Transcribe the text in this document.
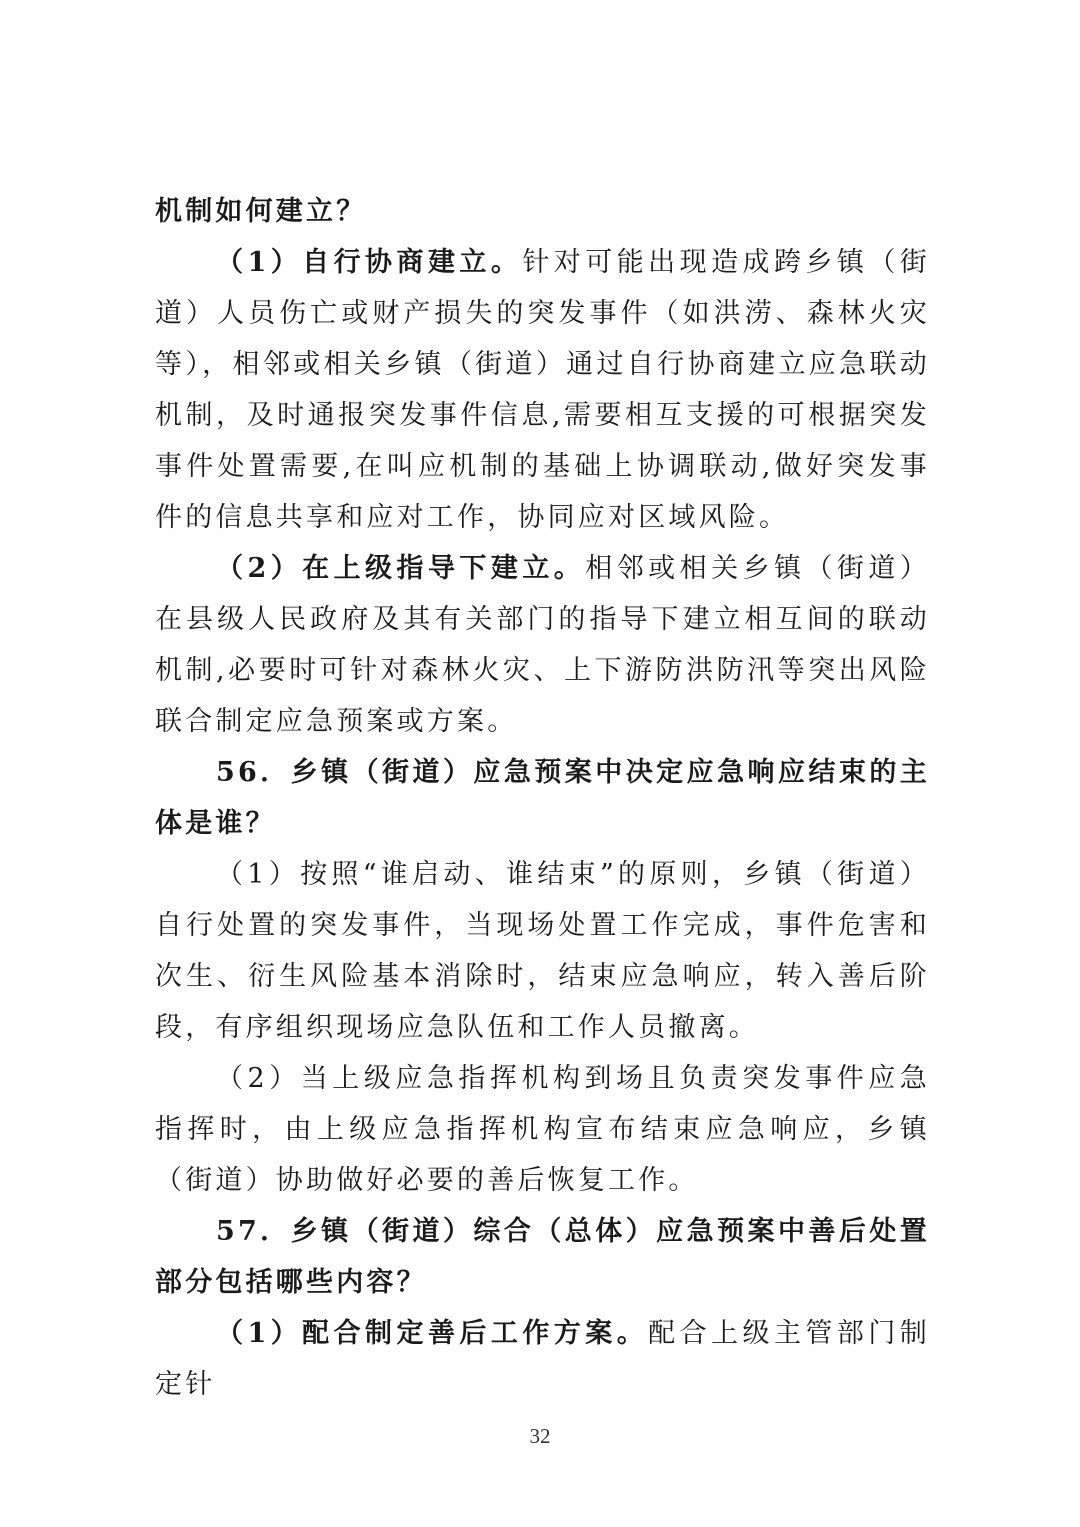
机制如何建立？

（1）自行协商建立。针对可能出现造成跨乡镇（街道）人员伤亡或财产损失的突发事件（如洪涝、森林火灾等），相邻或相关乡镇（街道）通过自行协商建立应急联动机制，及时通报突发事件信息,需要相互支援的可根据突发事件处置需要,在叫应机制的基础上协调联动,做好突发事件的信息共享和应对工作，协同应对区域风险。

（2）在上级指导下建立。相邻或相关乡镇（街道）在县级人民政府及其有关部门的指导下建立相互间的联动机制,必要时可针对森林火灾、上下游防洪防汛等突出风险联合制定应急预案或方案。

56．乡镇（街道）应急预案中决定应急响应结束的主体是谁？

（1）按照“谁启动、谁结束”的原则，乡镇（街道）自行处置的突发事件，当现场处置工作完成，事件危害和次生、衍生风险基本消除时，结束应急响应，转入善后阶段，有序组织现场应急队伍和工作人员撤离。

（2）当上级应急指挥机构到场且负责突发事件应急指挥时，由上级应急指挥机构宣布结束应急响应，乡镇（街道）协助做好必要的善后恢复工作。

57．乡镇（街道）综合（总体）应急预案中善后处置部分包括哪些内容？

（1）配合制定善后工作方案。配合上级主管部门制定针

32
